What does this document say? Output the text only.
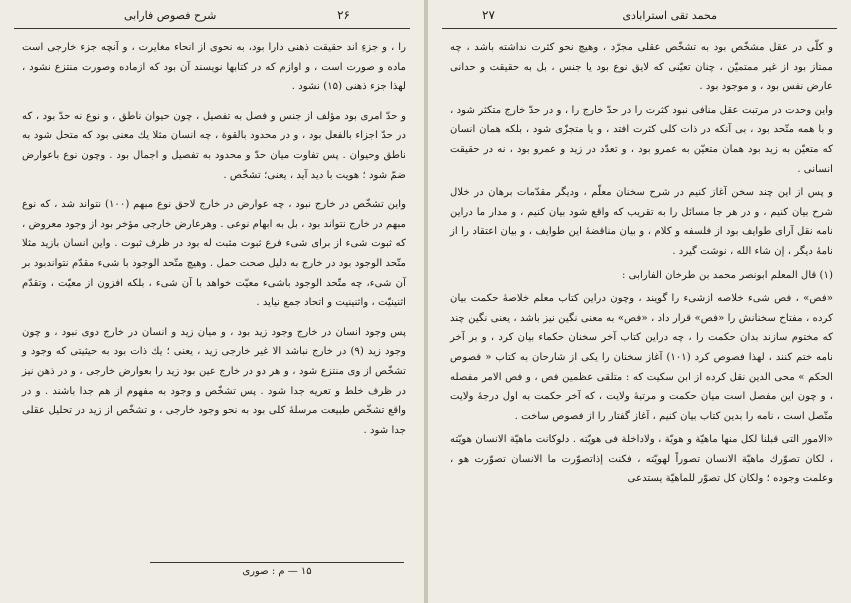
شرح فصوص فارابی	۲۶

را ، و جزءِ اند حقیقت ذهنی دارا بود، به نحوی از انحاء مغایرت ، و آنچه جزء خارجی است ماده و صورت است ، و اوازم که در کتابها نویسند آن بود که ازماده وصورت منتزع نشود ، لهذا جزء ذهنی (۱۵) نشود .

و حدّ امری بود مؤلف از جنس و فصل به تفصیل ، چون حیوان ناطق ، و نوع نه حدّ بود ، که در حدّ اجزاء بالفعل بود ، و در محدود بالقوة ، چه انسان مثلا یك معنی بود که متحل شود به ناطق وحیوان . پس تفاوت میان حدّ و محدود به تفصیل و اجمال بود . وچون نوع باعوارض ضمّ شود ؛ هویت با دید آید ، یعنی؛ تشخّص .

واین تشخّص در خارج نبود ، چه عوارض در خارج لاحق نوع مبهم (۱۰۰) نتواند شد ، که نوع مبهم در خارج نتواند بود ، بل به ابهام نوعی . وهرعارض خارجی مؤخر بود از وجود معروض ، که ثبوت شیء از برای شیء فرع ثبوت مثبت له بود در ظرف ثبوت . واین انسان بازید مثلا متّحد الوجود بود در خارج به دلیل صحت حمل . وهیچ متّحد الوجود با شیء مقدّم نتواندبود بر آن شیء، چه متّحد الوجود باشیء معیّت خواهد با آن شیء ، بلکه افزون از معیّت ، وتقدّم اثنینیّت ، واثنینیت و اتحاد جمع نیاید .

پس وجود انسان در خارج وجود زید بود ، و میان زید و انسان در خارج دوی نبود ، و چون وجود زید (۹) در خارج نباشد الا غیر خارجی زید ، یعنی ؛ یك ذات بود به حیثیتی که وجود و تشخّص از وی منتزع شود ، و هر دو در خارج عین بود زید را بعوارض خارجی ، و در ذهن نیز در ظرف خلط و تعریه جدا شود . پس تشخّص و وجود به مفهوم از هم جدا باشند . و در واقع تشخّص طبیعت مرسلهٔ کلی بود به نحو وجود خارجی ، و تشخّص از زید در تحلیل عقلی جدا شود .

۱۵ — م : صوری
محمد تقی استرابادی
۲۷

و کلّی در عقل مشخّص بود به تشخّص عقلی مجرّد ، وهیچ نحو کثرت نداشته باشد ، چه ممتاز بود از غیر ممتمیّن ، چنان تعیّنی که لایق نوع بود یا جنس ، بل به حقیقت و حدانی عارض نفس بود ، و موجود بود .

واین وحدت در مرتبت عقل منافی نبود کثرت را در حدّ خارج را ، و در حدّ خارج متکثر شود ، و با همه متّحد بود ، بی آنکه در ذات کلی کثرت افتد ، و یا متجزّی شود ، بلکه همان انسان که متعیّن به زید بود همان متعیّن به عمرو بود ، و تعدّد در زید و عمرو بود ، نه در حقیقت انسانی .

و پس از این چند سخن آغاز کنیم در شرح سخنان معلّم ، ودیگر مقدّمات برهان در خلال شرح بیان کنیم ، و در هر جا مسائل را به تقریب که واقع شود بیان کنیم ، و مدار ما دراین نامه نقل آرای طوایف بود از فلسفه و کلام ، و بیان مناقضهٔ این طوایف ، و بیان اعتقاد را از نامهٔ دیگر ، إن شاء الله ، نوشت گیرد .

(۱) قال المعلم ابونصر محمد بن طرخان الفارابی :

«فص» ، فص شیء خلاصه ازشیء را گویند ، وچون دراین کتاب معلم خلاصهٔ حکمت بیان کرده ، مفتاح سخنانش را «فص» قرار داد ، «فص» به معنی نگین نیز باشد ، یعنی نگین چند که مختوم سازند بدان حکمت را ، چه دراین کتاب آخر سخنان حکماء بیان کرد ، و بر آخر نامه ختم کنند ، لهذا فصوص کرد (۱۰۱) آغاز سخنان را یکی از شارحان به کتاب « فصوص الحکم » محی الدین نقل کرده از ابن سکیت که : متلقی عظمین فص ، و فص الامر مفصله ، و چون این مفصل است میان حکمت و مرتبهٔ ولایت ، که آخر حکمت به اول درجهٔ ولایت متّصل است ، نامه را بدین کتاب بیان کنیم ، آغاز گفتار را از فصوص ساخت .

«الامور التی قبلنا لکل منها ماهیّة و هویّة ، ولاداخلة فی هویّته . دلوکانت ماهیّة الانسان هویّته ، لکان تصوّرك ماهیّة الانسان تصوراً لهویّته ، فکنت إذاتصوّرت ما الانسان تصوّرت هو ، وعلمت وجوده ؛ ولکان کل تصوّر للماهیّة یستدعی
